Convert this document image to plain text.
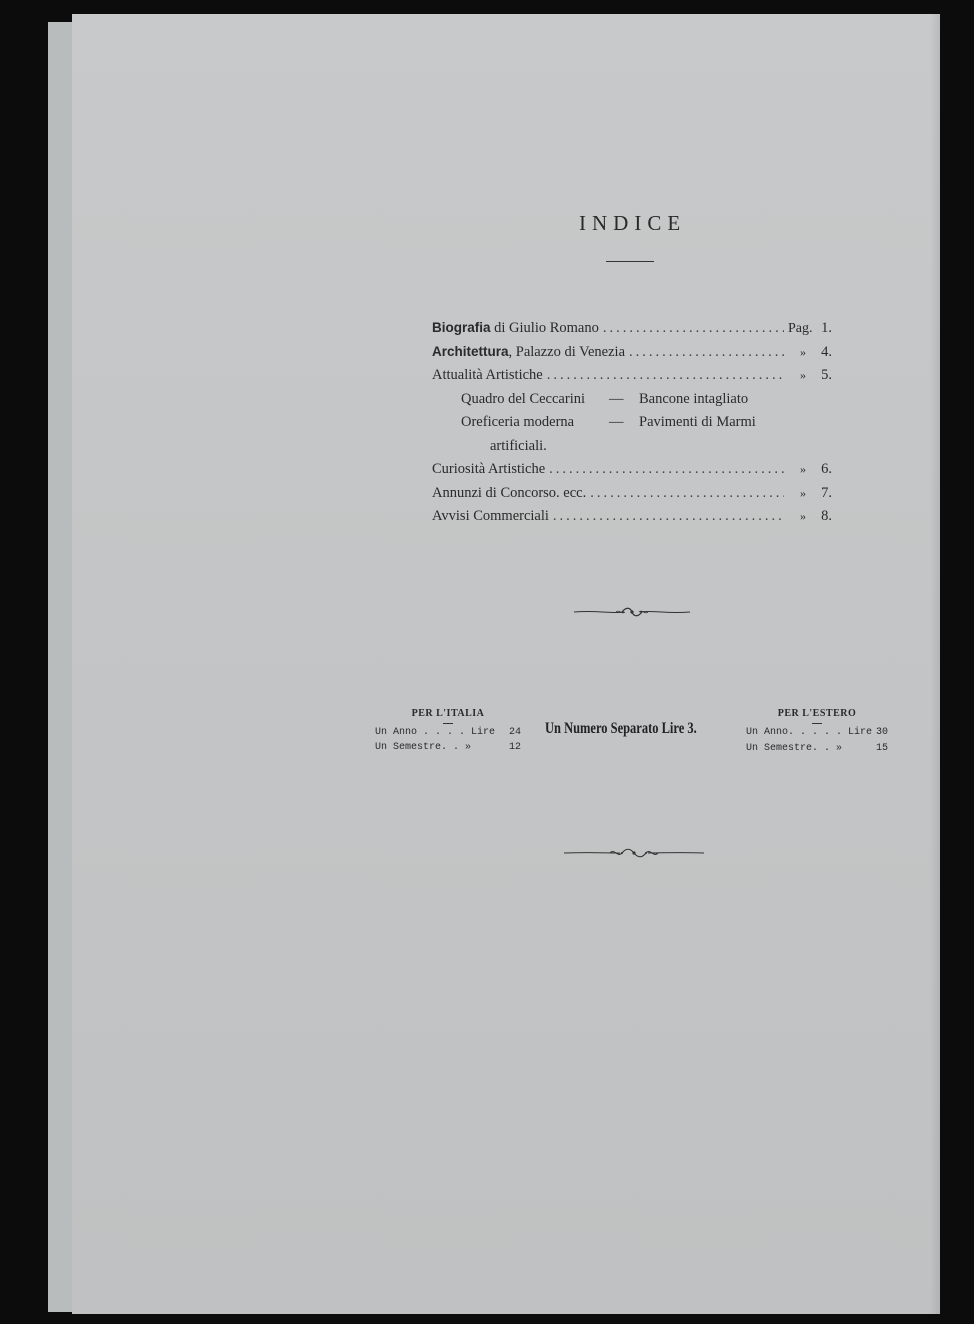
INDICE
Biografia di Giulio Romano .....	Pag. 1.
Architettura, Palazzo di Venezia .....	»	4.
Attualità Artistiche .....	»	5.
Quadro del Ceccarini — Bancone intagliato
Oreficeria moderna — Pavimenti di Marmi
artificiali.
Curiosità Artistiche .....	»	6.
Annunzi di Concorso. ecc. .....	»	7.
Avvisi Commerciali .....	»	8.
PER L'ITALIA
Un Anno . . . . Lire 24
Un Semestre. . »	12
Un Numero Separato Lire 3.
PER L'ESTERO
Un Anno. . . . . Lire 30
Un Semestre. . »	15
